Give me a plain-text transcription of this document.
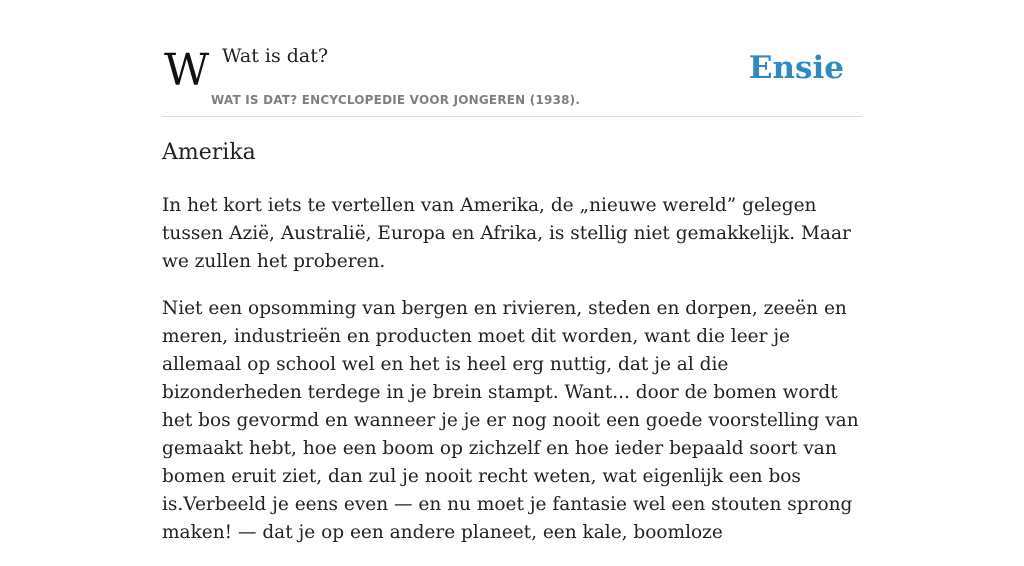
W Wat is dat?
WAT IS DAT? ENCYCLOPEDIE VOOR JONGEREN (1938).
Ensie
Amerika

In het kort iets te vertellen van Amerika, de „nieuwe wereld” gelegen tussen Azië, Australië, Europa en Afrika, is stellig niet gemakkelijk. Maar we zullen het proberen.

Niet een opsomming van bergen en rivieren, steden en dorpen, zeeën en meren, industrieën en producten moet dit worden, want die leer je allemaal op school wel en het is heel erg nuttig, dat je al die bizonderheden terdege in je brein stampt. Want... door de bomen wordt het bos gevormd en wanneer je je er nog nooit een goede voorstelling van gemaakt hebt, hoe een boom op zichzelf en hoe ieder bepaald soort van bomen eruit ziet, dan zul je nooit recht weten, wat eigenlijk een bos is.Verbeeld je eens even — en nu moet je fantasie wel een stouten sprong maken! — dat je op een andere planeet, een kale, boomloze
